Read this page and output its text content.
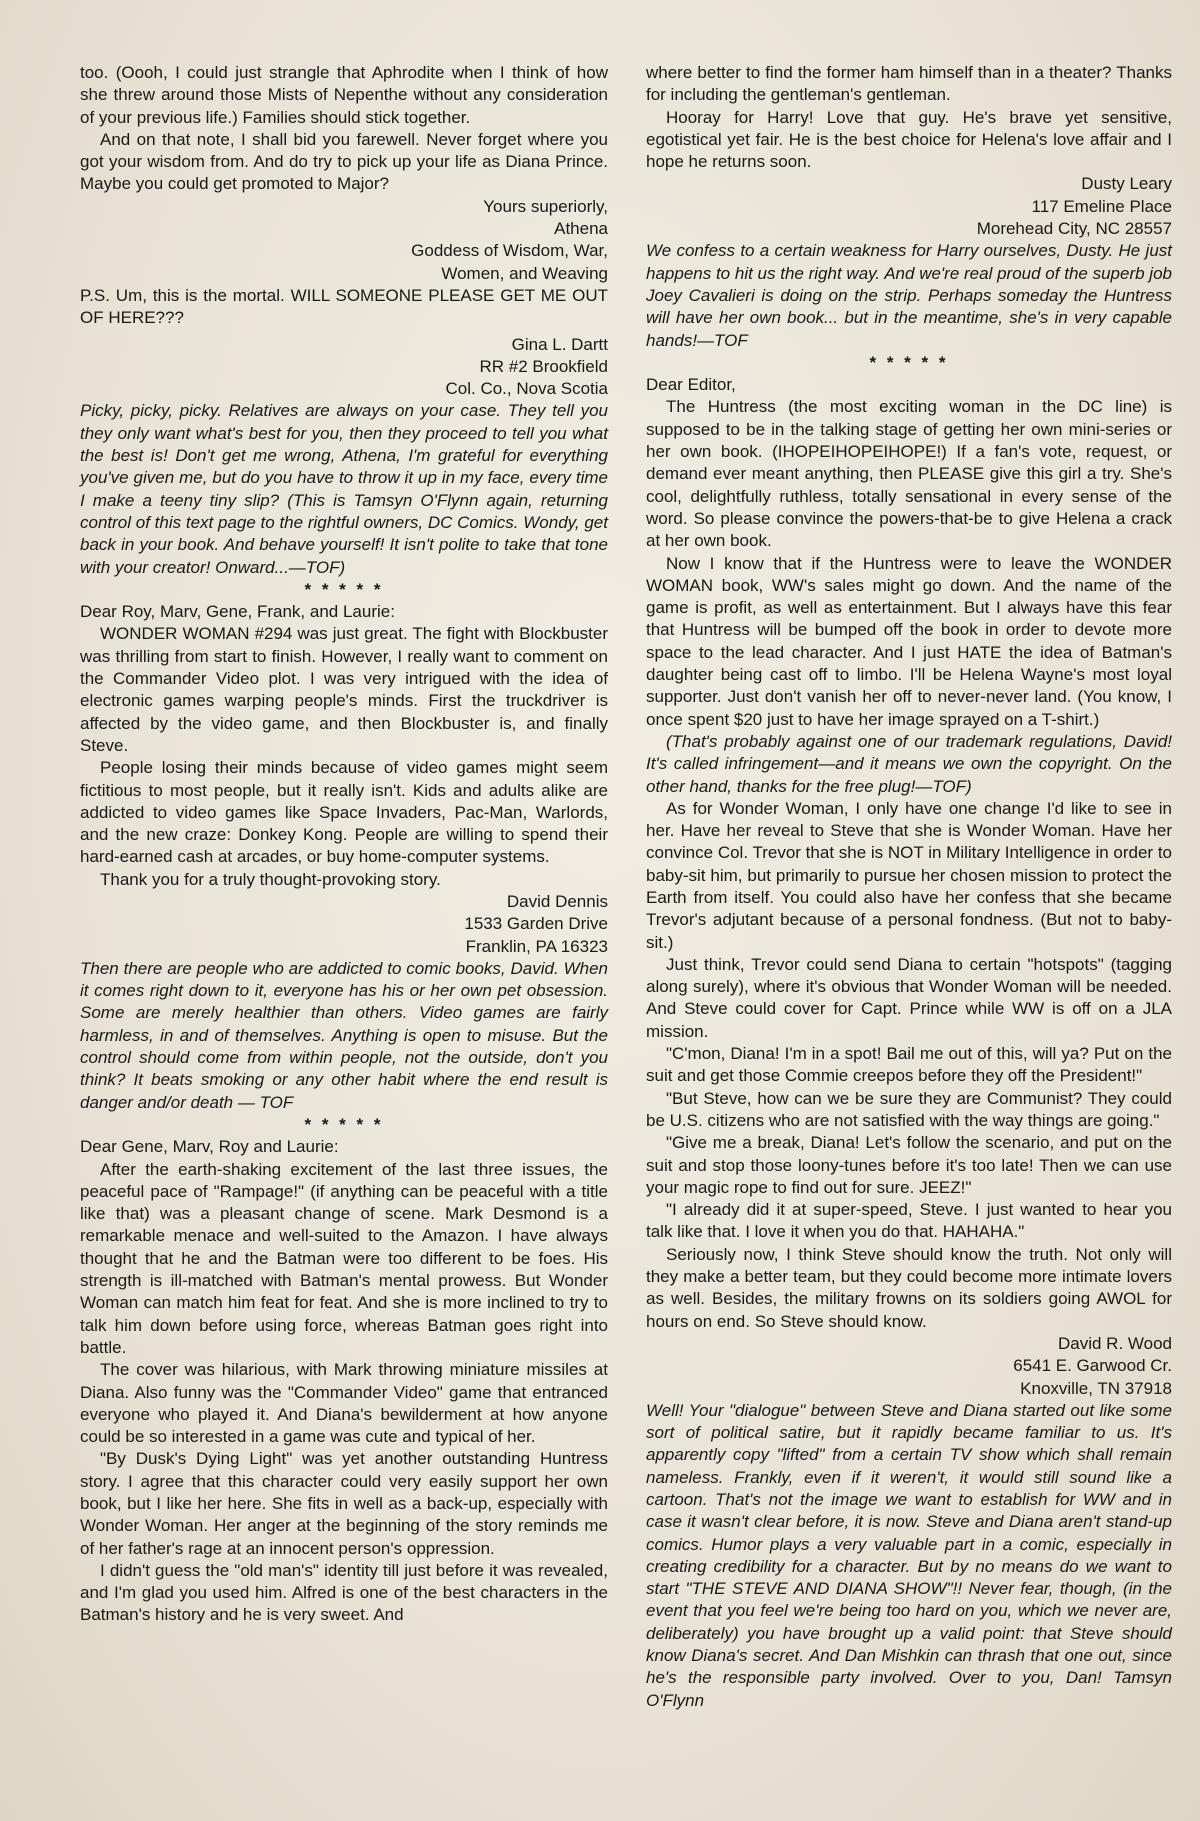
too. (Oooh, I could just strangle that Aphrodite when I think of how she threw around those Mists of Nepenthe without any consideration of your previous life.) Families should stick together.

And on that note, I shall bid you farewell. Never forget where you got your wisdom from. And do try to pick up your life as Diana Prince. Maybe you could get promoted to Major?

Yours superiorly,

Athena

Goddess of Wisdom, War,

Women, and Weaving

P.S. Um, this is the mortal. WILL SOMEONE PLEASE GET ME OUT OF HERE???

Gina L. Dartt

RR #2 Brookfield

Col. Co., Nova Scotia

Picky, picky, picky. Relatives are always on your case. They tell you they only want what's best for you, then they proceed to tell you what the best is! Don't get me wrong, Athena, I'm grateful for everything you've given me, but do you have to throw it up in my face, every time I make a teeny tiny slip? (This is Tamsyn O'Flynn again, returning control of this text page to the rightful owners, DC Comics. Wondy, get back in your book. And behave yourself! It isn't polite to take that tone with your creator! Onward...—TOF)

* * * * *

Dear Roy, Marv, Gene, Frank, and Laurie:

WONDER WOMAN #294 was just great. The fight with Blockbuster was thrilling from start to finish. However, I really want to comment on the Commander Video plot. I was very intrigued with the idea of electronic games warping people's minds. First the truckdriver is affected by the video game, and then Blockbuster is, and finally Steve.

People losing their minds because of video games might seem fictitious to most people, but it really isn't. Kids and adults alike are addicted to video games like Space Invaders, Pac-Man, Warlords, and the new craze: Donkey Kong. People are willing to spend their hard-earned cash at arcades, or buy home-computer systems.

Thank you for a truly thought-provoking story.

David Dennis

1533 Garden Drive

Franklin, PA 16323

Then there are people who are addicted to comic books, David. When it comes right down to it, everyone has his or her own pet obsession. Some are merely healthier than others. Video games are fairly harmless, in and of themselves. Anything is open to misuse. But the control should come from within people, not the outside, don't you think? It beats smoking or any other habit where the end result is danger and/or death — TOF

* * * * *

Dear Gene, Marv, Roy and Laurie:

After the earth-shaking excitement of the last three issues, the peaceful pace of "Rampage!" (if anything can be peaceful with a title like that) was a pleasant change of scene. Mark Desmond is a remarkable menace and well-suited to the Amazon. I have always thought that he and the Batman were too different to be foes. His strength is ill-matched with Batman's mental prowess. But Wonder Woman can match him feat for feat. And she is more inclined to try to talk him down before using force, whereas Batman goes right into battle.

The cover was hilarious, with Mark throwing miniature missiles at Diana. Also funny was the "Commander Video" game that entranced everyone who played it. And Diana's bewilderment at how anyone could be so interested in a game was cute and typical of her.

"By Dusk's Dying Light" was yet another outstanding Huntress story. I agree that this character could very easily support her own book, but I like her here. She fits in well as a back-up, especially with Wonder Woman. Her anger at the beginning of the story reminds me of her father's rage at an innocent person's oppression.

I didn't guess the "old man's" identity till just before it was revealed, and I'm glad you used him. Alfred is one of the best characters in the Batman's history and he is very sweet. And

where better to find the former ham himself than in a theater? Thanks for including the gentleman's gentleman.

Hooray for Harry! Love that guy. He's brave yet sensitive, egotistical yet fair. He is the best choice for Helena's love affair and I hope he returns soon.

Dusty Leary

117 Emeline Place

Morehead City, NC 28557

We confess to a certain weakness for Harry ourselves, Dusty. He just happens to hit us the right way. And we're real proud of the superb job Joey Cavalieri is doing on the strip. Perhaps someday the Huntress will have her own book... but in the meantime, she's in very capable hands!—TOF

* * * * *

Dear Editor,

The Huntress (the most exciting woman in the DC line) is supposed to be in the talking stage of getting her own mini-series or her own book. (IHOPEIHOPEIHOPE!) If a fan's vote, request, or demand ever meant anything, then PLEASE give this girl a try. She's cool, delightfully ruthless, totally sensational in every sense of the word. So please convince the powers-that-be to give Helena a crack at her own book.

Now I know that if the Huntress were to leave the WONDER WOMAN book, WW's sales might go down. And the name of the game is profit, as well as entertainment. But I always have this fear that Huntress will be bumped off the book in order to devote more space to the lead character. And I just HATE the idea of Batman's daughter being cast off to limbo. I'll be Helena Wayne's most loyal supporter. Just don't vanish her off to never-never land. (You know, I once spent $20 just to have her image sprayed on a T-shirt.)

(That's probably against one of our trademark regulations, David! It's called infringement—and it means we own the copyright. On the other hand, thanks for the free plug!—TOF)

As for Wonder Woman, I only have one change I'd like to see in her. Have her reveal to Steve that she is Wonder Woman. Have her convince Col. Trevor that she is NOT in Military Intelligence in order to baby-sit him, but primarily to pursue her chosen mission to protect the Earth from itself. You could also have her confess that she became Trevor's adjutant because of a personal fondness. (But not to baby-sit.)

Just think, Trevor could send Diana to certain "hotspots" (tagging along surely), where it's obvious that Wonder Woman will be needed. And Steve could cover for Capt. Prince while WW is off on a JLA mission.

"C'mon, Diana! I'm in a spot! Bail me out of this, will ya? Put on the suit and get those Commie creepos before they off the President!"

"But Steve, how can we be sure they are Communist? They could be U.S. citizens who are not satisfied with the way things are going."

"Give me a break, Diana! Let's follow the scenario, and put on the suit and stop those loony-tunes before it's too late! Then we can use your magic rope to find out for sure. JEEZ!"

"I already did it at super-speed, Steve. I just wanted to hear you talk like that. I love it when you do that. HAHAHA."

Seriously now, I think Steve should know the truth. Not only will they make a better team, but they could become more intimate lovers as well. Besides, the military frowns on its soldiers going AWOL for hours on end. So Steve should know.

David R. Wood

6541 E. Garwood Cr.

Knoxville, TN 37918

Well! Your "dialogue" between Steve and Diana started out like some sort of political satire, but it rapidly became familiar to us. It's apparently copy "lifted" from a certain TV show which shall remain nameless. Frankly, even if it weren't, it would still sound like a cartoon. That's not the image we want to establish for WW and in case it wasn't clear before, it is now. Steve and Diana aren't stand-up comics. Humor plays a very valuable part in a comic, especially in creating credibility for a character. But by no means do we want to start "THE STEVE AND DIANA SHOW"!! Never fear, though, (in the event that you feel we're being too hard on you, which we never are, deliberately) you have brought up a valid point: that Steve should know Diana's secret. And Dan Mishkin can thrash that one out, since he's the responsible party involved. Over to you, Dan! Tamsyn O'Flynn
